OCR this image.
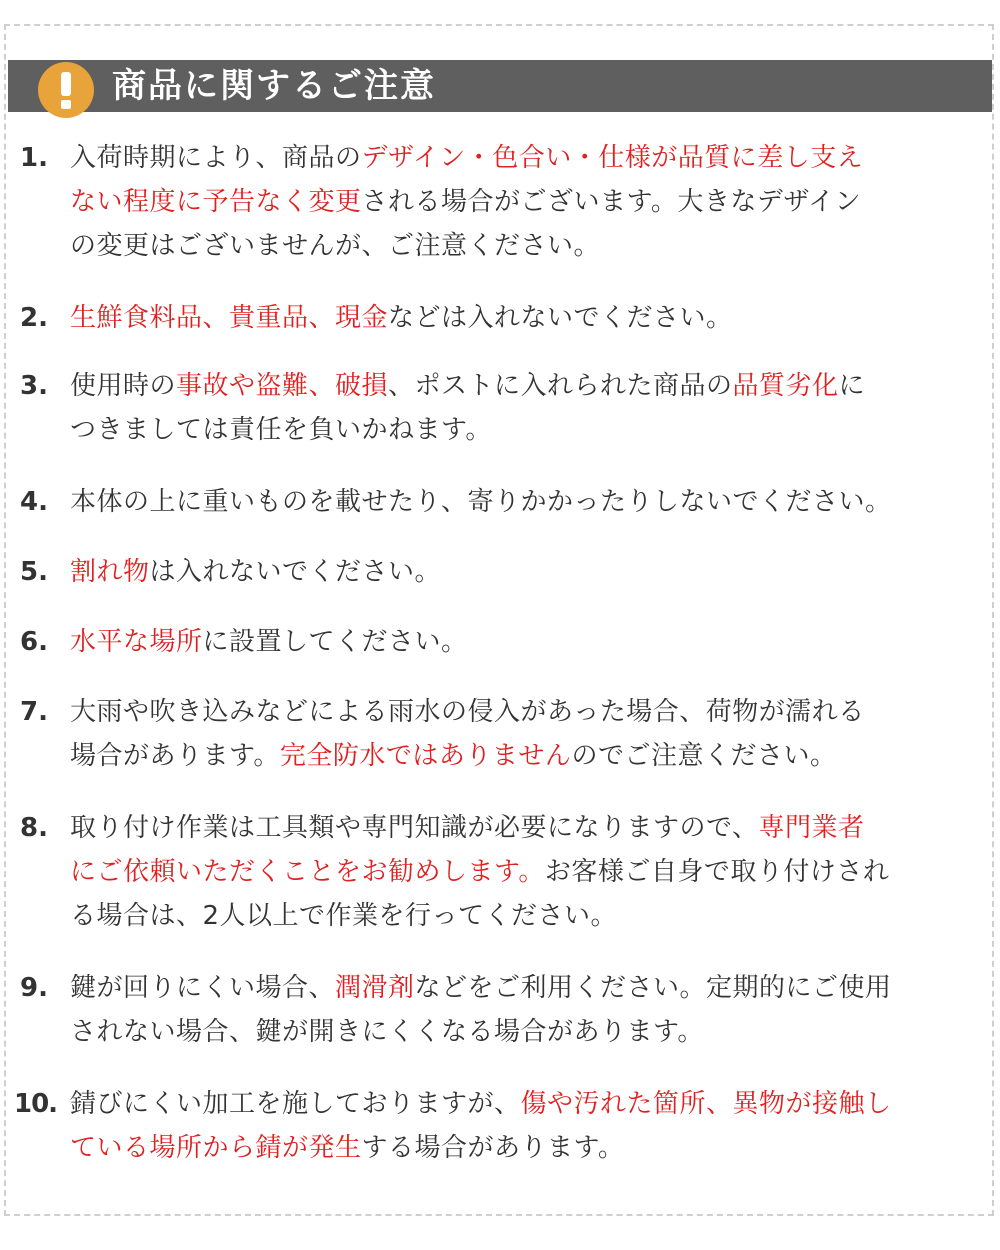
商品に関するご注意
1. 入荷時期により、商品のデザイン・色合い・仕様が品質に差し支え
ない程度に予告なく変更される場合がございます。大きなデザイン
の変更はございませんが、ご注意ください。
2. 生鮮食料品、貴重品、現金などは入れないでください。
3. 使用時の事故や盗難、破損、ポストに入れられた商品の品質劣化に
つきましては責任を負いかねます。
4. 本体の上に重いものを載せたり、寄りかかったりしないでください。
5. 割れ物は入れないでください。
6. 水平な場所に設置してください。
7. 大雨や吹き込みなどによる雨水の侵入があった場合、荷物が濡れる
場合があります。完全防水ではありませんのでご注意ください。
8. 取り付け作業は工具類や専門知識が必要になりますので、専門業者
にご依頼いただくことをお勧めします。お客様ご自身で取り付けされ
る場合は、2人以上で作業を行ってください。
9. 鍵が回りにくい場合、潤滑剤などをご利用ください。定期的にご使用
されない場合、鍵が開きにくくなる場合があります。
10. 錆びにくい加工を施しておりますが、傷や汚れた箇所、異物が接触し
ている場所から錆が発生する場合があります。
